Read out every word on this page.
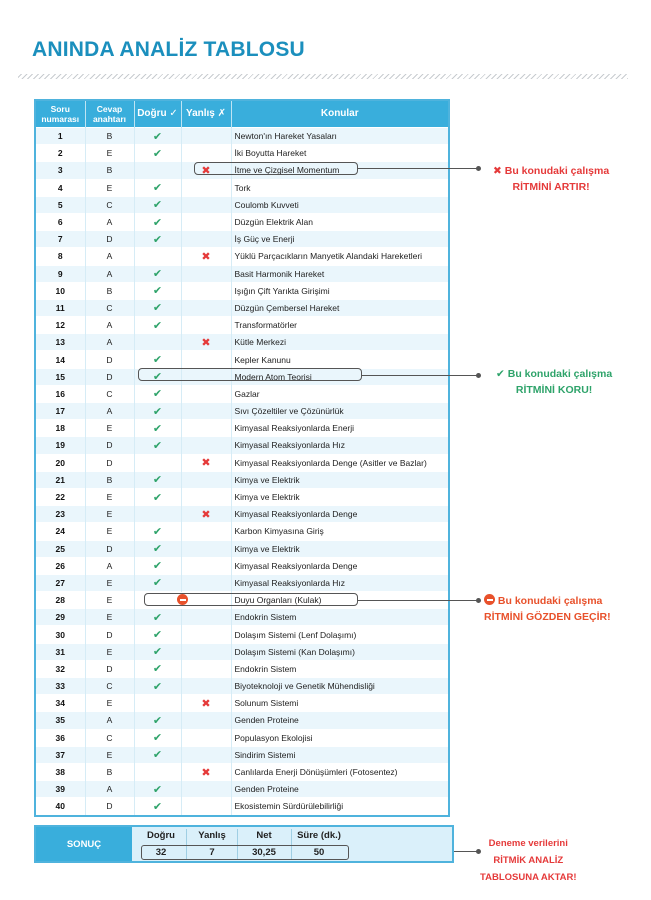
ANINDA ANALİZ TABLOSU
Soru numarası	Cevap anahtarı	Doğru ✓	Yanlış ✗	Konular
1	B	✔		Newton'ın Hareket Yasaları
2	E	✔		İki Boyutta Hareket
3	B		✖	İtme ve Çizgisel Momentum
4	E	✔		Tork
5	C	✔		Coulomb Kuvveti
6	A	✔		Düzgün Elektrik Alan
7	D	✔		İş Güç ve Enerji
8	A		✖	Yüklü Parçacıkların Manyetik Alandaki Hareketleri
9	A	✔		Basit Harmonik Hareket
10	B	✔		Işığın Çift Yarıkta Girişimi
11	C	✔		Düzgün Çembersel Hareket
12	A	✔		Transformatörler
13	A		✖	Kütle Merkezi
14	D	✔		Kepler Kanunu
15	D	✔		Modern Atom Teorisi
16	C	✔		Gazlar
17	A	✔		Sıvı Çözeltiler ve Çözünürlük
18	E	✔		Kimyasal Reaksiyonlarda Enerji
19	D	✔		Kimyasal Reaksiyonlarda Hız
20	D		✖	Kimyasal Reaksiyonlarda Denge (Asitler ve Bazlar)
21	B	✔		Kimya ve Elektrik
22	E	✔		Kimya ve Elektrik
23	E		✖	Kimyasal Reaksiyonlarda Denge
24	E	✔		Karbon Kimyasına Giriş
25	D	✔		Kimya ve Elektrik
26	A	✔		Kimyasal Reaksiyonlarda Denge
27	E	✔		Kimyasal Reaksiyonlarda Hız
28	E			Duyu Organları (Kulak)
29	E	✔		Endokrin Sistem
30	D	✔		Dolaşım Sistemi (Lenf Dolaşımı)
31	E	✔		Dolaşım Sistemi (Kan Dolaşımı)
32	D	✔		Endokrin Sistem
33	C	✔		Biyoteknoloji ve Genetik Mühendisliği
34	E		✖	Solunum Sistemi
35	A	✔		Genden Proteine
36	C	✔		Populasyon Ekolojisi
37	E	✔		Sindirim Sistemi
38	B		✖	Canlılarda Enerji Dönüşümleri (Fotosentez)
39	A	✔		Genden Proteine
40	D	✔		Ekosistemin Sürdürülebilirliği
✖ Bu konudaki çalışma
RİTMİNİ ARTIR!
✔ Bu konudaki çalışma
RİTMİNİ KORU!
Bu konudaki çalışma
RİTMİNİ GÖZDEN GEÇİR!
Deneme verilerini
RİTMİK ANALİZ
TABLOSUNA AKTAR!
SONUÇ
Doğru	Yanlış	Net	Süre (dk.)
32	7	30,25	50
